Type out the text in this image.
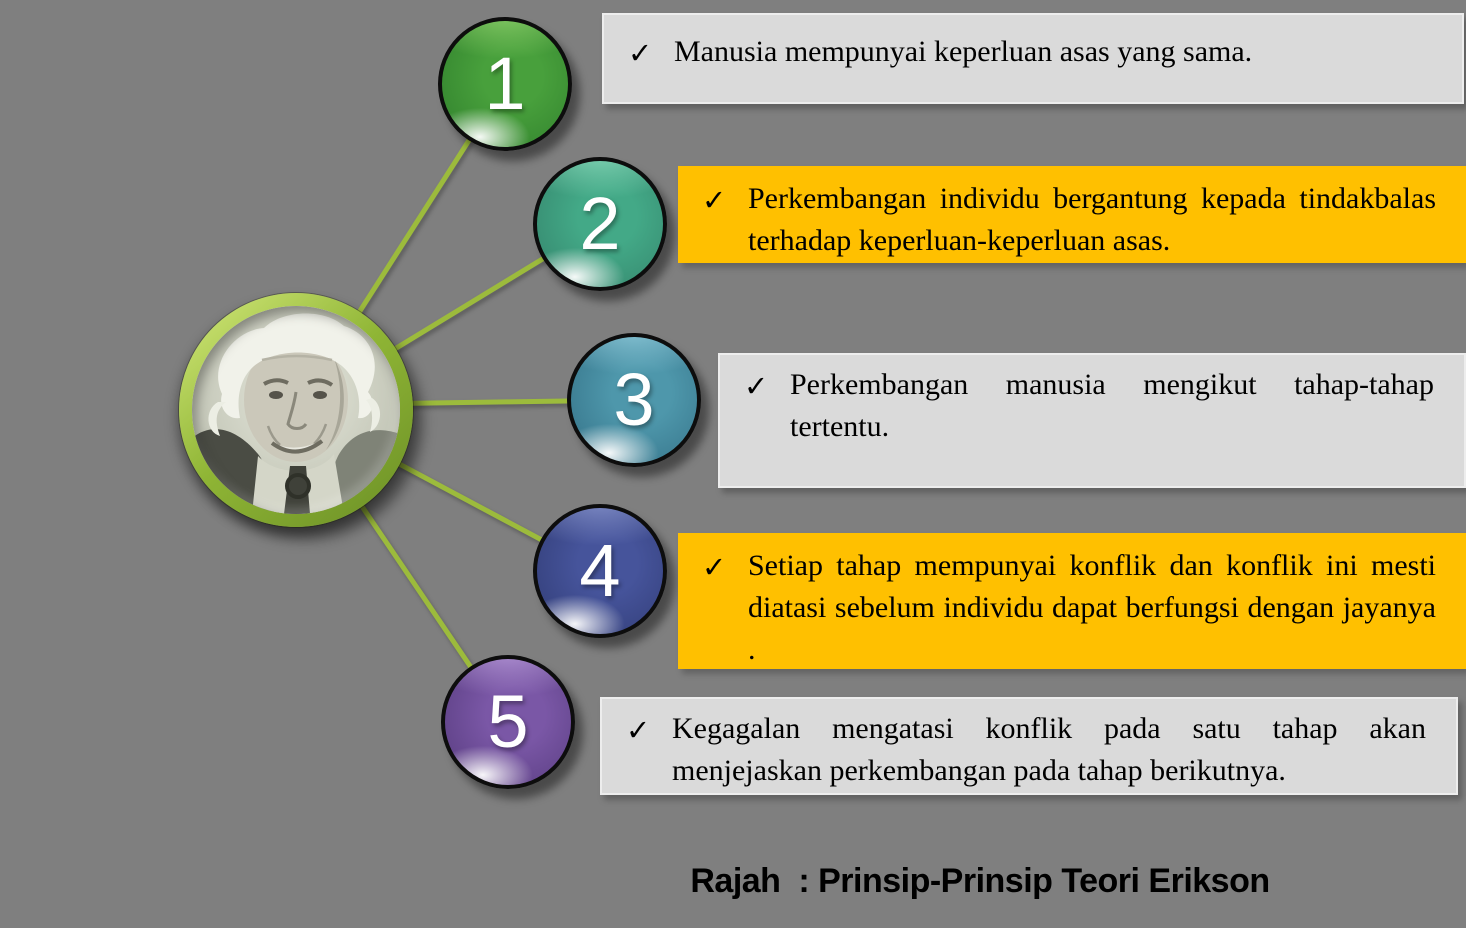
1
2
3
4
5
✓ Manusia mempunyai keperluan asas yang sama.

✓ Perkembangan individu bergantung kepada tindakbalas terhadap keperluan-keperluan asas.

✓ Perkembangan manusia mengikut tahap-tahap tertentu.

✓ Setiap tahap mempunyai konflik dan konflik ini mesti diatasi sebelum individu dapat berfungsi dengan jayanya .

✓ Kegagalan mengatasi konflik pada satu tahap akan menjejaskan perkembangan pada tahap berikutnya.

Rajah  : Prinsip-Prinsip Teori Erikson
